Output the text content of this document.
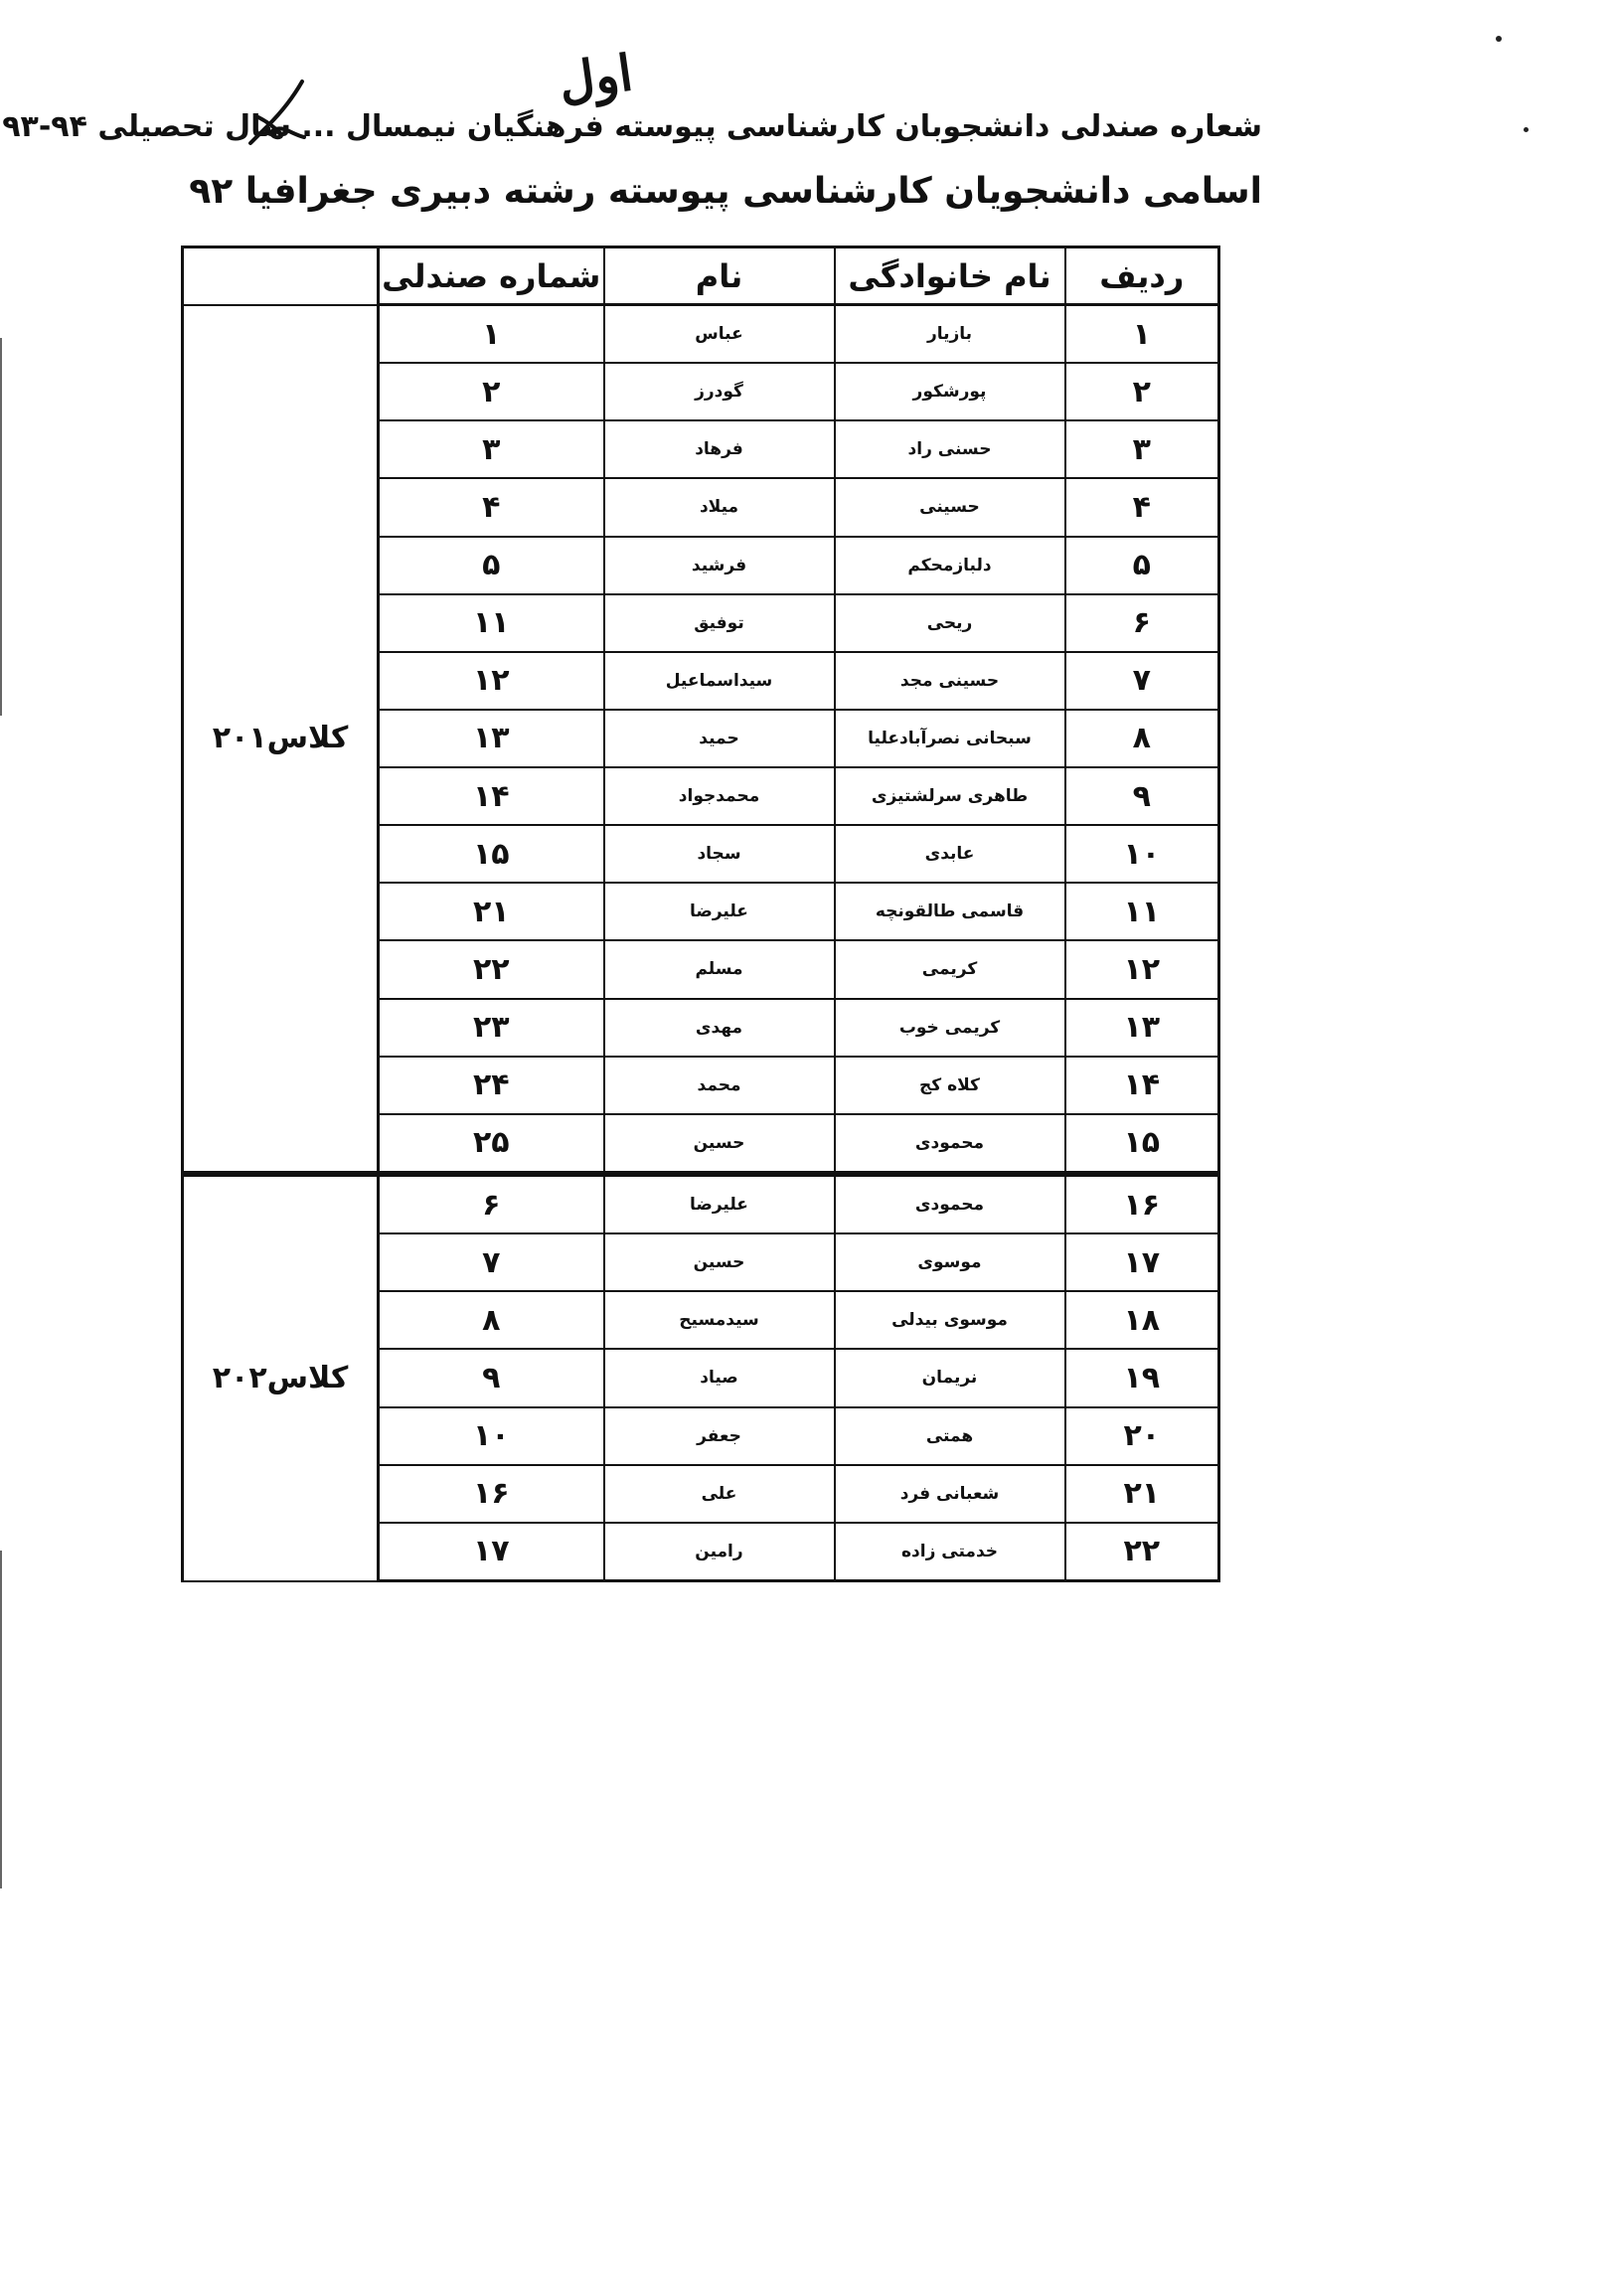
شعاره صندلی دانشجوبان کارشناسی پیوسته فرهنگیان نیمسال ... سال تحصیلی ۹۴-۹۳
اول
اسامی دانشجویان کارشناسی پیوسته رشته دبیری جغرافیا ۹۲
ردیف	نام خانوادگی	نام	شماره صندلی	
۱	بازیار	عباس	۱	کلاس۲۰۱
۲	پورشکور	گودرز	۲	
۳	حسنی راد	فرهاد	۳	
۴	حسینی	میلاد	۴	
۵	دلبازمحکم	فرشید	۵	
۶	ریحی	توفیق	۱۱	
۷	حسینی مجد	سیداسماعیل	۱۲	
۸	سبحانی نصرآبادعلیا	حمید	۱۳	
۹	طاهری سرلشتیزی	محمدجواد	۱۴	
۱۰	عابدی	سجاد	۱۵	
۱۱	قاسمی طالقونچه	علیرضا	۲۱	
۱۲	کریمی	مسلم	۲۲	
۱۳	کریمی خوب	مهدی	۲۳	
۱۴	کلاه کج	محمد	۲۴	
۱۵	محمودی	حسین	۲۵	
۱۶	محمودی	علیرضا	۶	کلاس۲۰۲
۱۷	موسوی	حسین	۷	
۱۸	موسوی بیدلی	سیدمسیح	۸	
۱۹	نریمان	صیاد	۹	
۲۰	همتی	جعفر	۱۰	
۲۱	شعبانی فرد	علی	۱۶	
۲۲	خدمتی زاده	رامین	۱۷	
